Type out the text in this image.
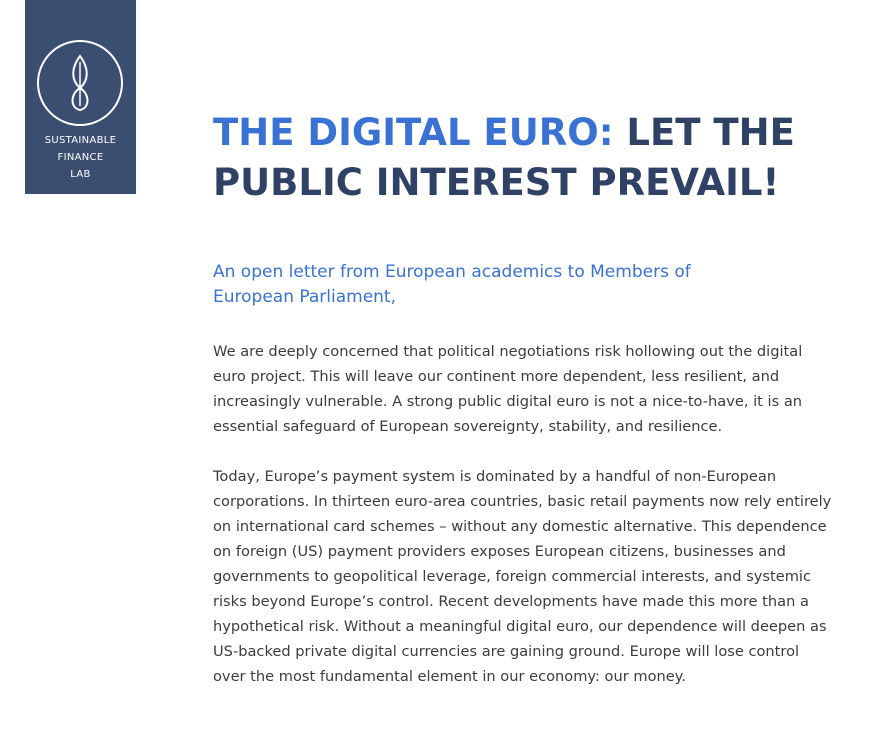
SUSTAINABLE
FINANCE
LAB
THE DIGITAL EURO: LET THE PUBLIC INTEREST PREVAIL!
An open letter from European academics to Members of European Parliament,

We are deeply concerned that political negotiations risk hollowing out the digital euro project. This will leave our continent more dependent, less resilient, and increasingly vulnerable. A strong public digital euro is not a nice-to-have, it is an essential safeguard of European sovereignty, stability, and resilience.

Today, Europe’s payment system is dominated by a handful of non-European corporations. In thirteen euro-area countries, basic retail payments now rely entirely on international card schemes – without any domestic alternative. This dependence on foreign (US) payment providers exposes European citizens, businesses and governments to geopolitical leverage, foreign commercial interests, and systemic risks beyond Europe’s control. Recent developments have made this more than a hypothetical risk. Without a meaningful digital euro, our dependence will deepen as US-backed private digital currencies are gaining ground. Europe will lose control over the most fundamental element in our economy: our money.
